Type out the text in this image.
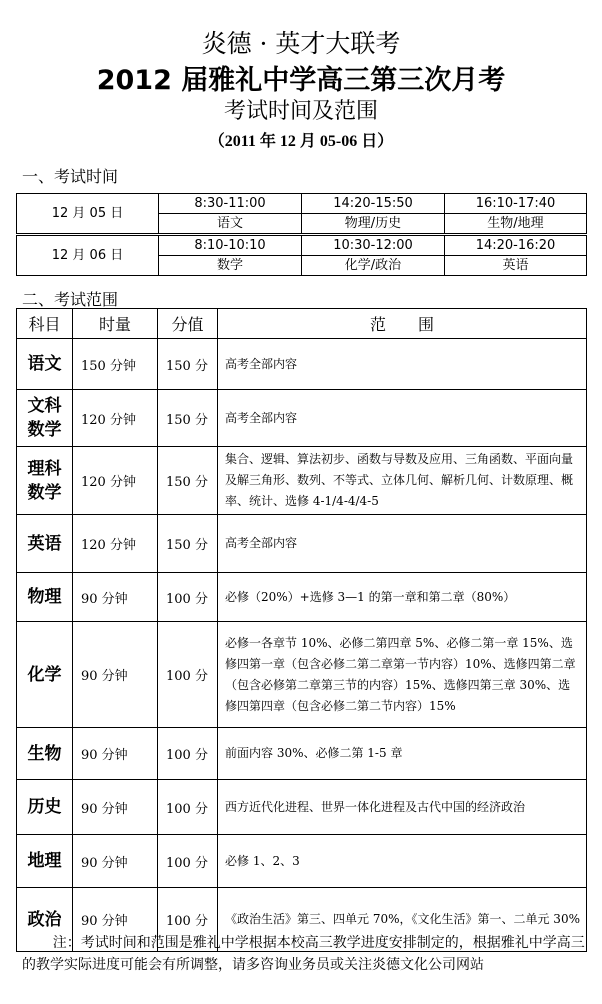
炎德 · 英才大联考
2012 届雅礼中学高三第三次月考
考试时间及范围
（2011 年 12 月 05-06 日）
一、考试时间
12 月 05 日	8:30-11:00	14:20-15:50	16:10-17:40
	语文	物理/历史	生物/地理
12 月 06 日	8:10-10:10	10:30-12:00	14:20-16:20
	数学	化学/政治	英语
二、考试范围
科目	时量	分值	范　　围
语文	150 分钟	150 分	高考全部内容
文科数学	120 分钟	150 分	高考全部内容
理科数学	120 分钟	150 分	集合、逻辑、算法初步、函数与导数及应用、三角函数、平面向量及解三角形、数列、不等式、立体几何、解析几何、计数原理、概率、统计、选修 4-1/4-4/4-5
英语	120 分钟	150 分	高考全部内容
物理	90 分钟	100 分	必修（20%）+选修 3—1 的第一章和第二章（80%）
化学	90 分钟	100 分	必修一各章节 10%、必修二第四章 5%、必修二第一章 15%、选修四第一章（包含必修二第二章第一节内容）10%、选修四第二章（包含必修第二章第三节的内容）15%、选修四第三章 30%、选修四第四章（包含必修二第二节内容）15%
生物	90 分钟	100 分	前面内容 30%、必修二第 1-5 章
历史	90 分钟	100 分	西方近代化进程、世界一体化进程及古代中国的经济政治
地理	90 分钟	100 分	必修 1、2、3
政治	90 分钟	100 分	《政治生活》第三、四单元 70%，《文化生活》第一、二单元 30%
注：考试时间和范围是雅礼中学根据本校高三教学进度安排制定的，根据雅礼中学高三的教学实际进度可能会有所调整，请多咨询业务员或关注炎德文化公司网站
